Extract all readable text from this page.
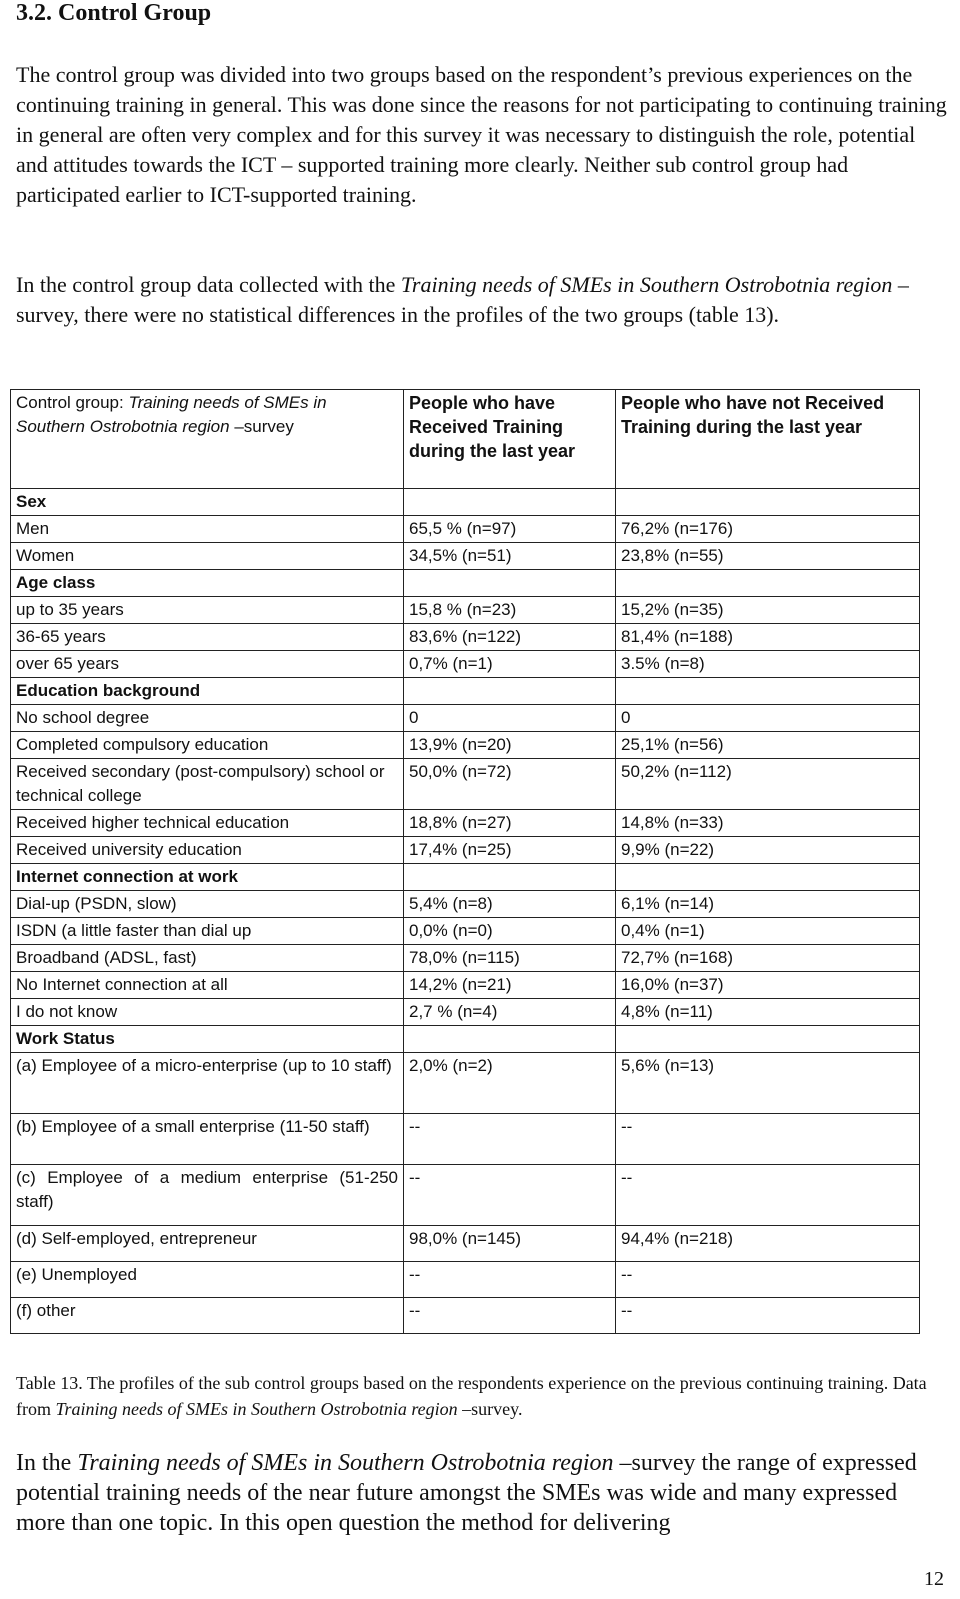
3.2. Control Group

The control group was divided into two groups based on the respondent’s previous experiences on the continuing training in general. This was done since the reasons for not participating to continuing training in general are often very complex and for this survey it was necessary to distinguish the role, potential and attitudes towards the ICT – supported training more clearly. Neither sub control group had participated earlier to ICT-supported training.

In the control group data collected with the Training needs of SMEs in Southern Ostrobotnia region –survey, there were no statistical differences in the profiles of the two groups (table 13).

Control group: Training needs of SMEs in Southern Ostrobotnia region –survey	People who have Received Training during the last year	People who have not Received Training during the last year
Sex		
Men	65,5 % (n=97)	76,2% (n=176)
Women	34,5% (n=51)	23,8% (n=55)
Age class		
up to 35 years	15,8 % (n=23)	15,2% (n=35)
36-65 years	83,6% (n=122)	81,4% (n=188)
over 65 years	0,7% (n=1)	3.5% (n=8)
Education background		
No school degree	0	0
Completed compulsory education	13,9% (n=20)	25,1% (n=56)
Received secondary (post-compulsory) school or technical college	50,0% (n=72)	50,2% (n=112)
Received higher technical education	18,8% (n=27)	14,8% (n=33)
Received university education	17,4% (n=25)	9,9% (n=22)
Internet connection at work		
Dial-up (PSDN, slow)	5,4% (n=8)	6,1% (n=14)
ISDN (a little faster than dial up	0,0% (n=0)	0,4% (n=1)
Broadband (ADSL, fast)	78,0% (n=115)	72,7% (n=168)
No Internet connection at all	14,2% (n=21)	16,0% (n=37)
I do not know	2,7 % (n=4)	4,8% (n=11)
Work Status		
(a) Employee of a micro-enterprise (up to 10 staff)	2,0% (n=2)	5,6% (n=13)
(b) Employee of a small enterprise (11-50 staff)	--	--
(c) Employee of a medium enterprise (51-250 staff)	--	--
(d) Self-employed, entrepreneur	98,0% (n=145)	94,4% (n=218)
(e) Unemployed	--	--
(f) other	--	--

Table 13. The profiles of the sub control groups based on the respondents experience on the previous continuing training. Data from Training needs of SMEs in Southern Ostrobotnia region –survey.

In the Training needs of SMEs in Southern Ostrobotnia region –survey the range of expressed potential training needs of the near future amongst the SMEs was wide and many expressed more than one topic. In this open question the method for delivering

12
